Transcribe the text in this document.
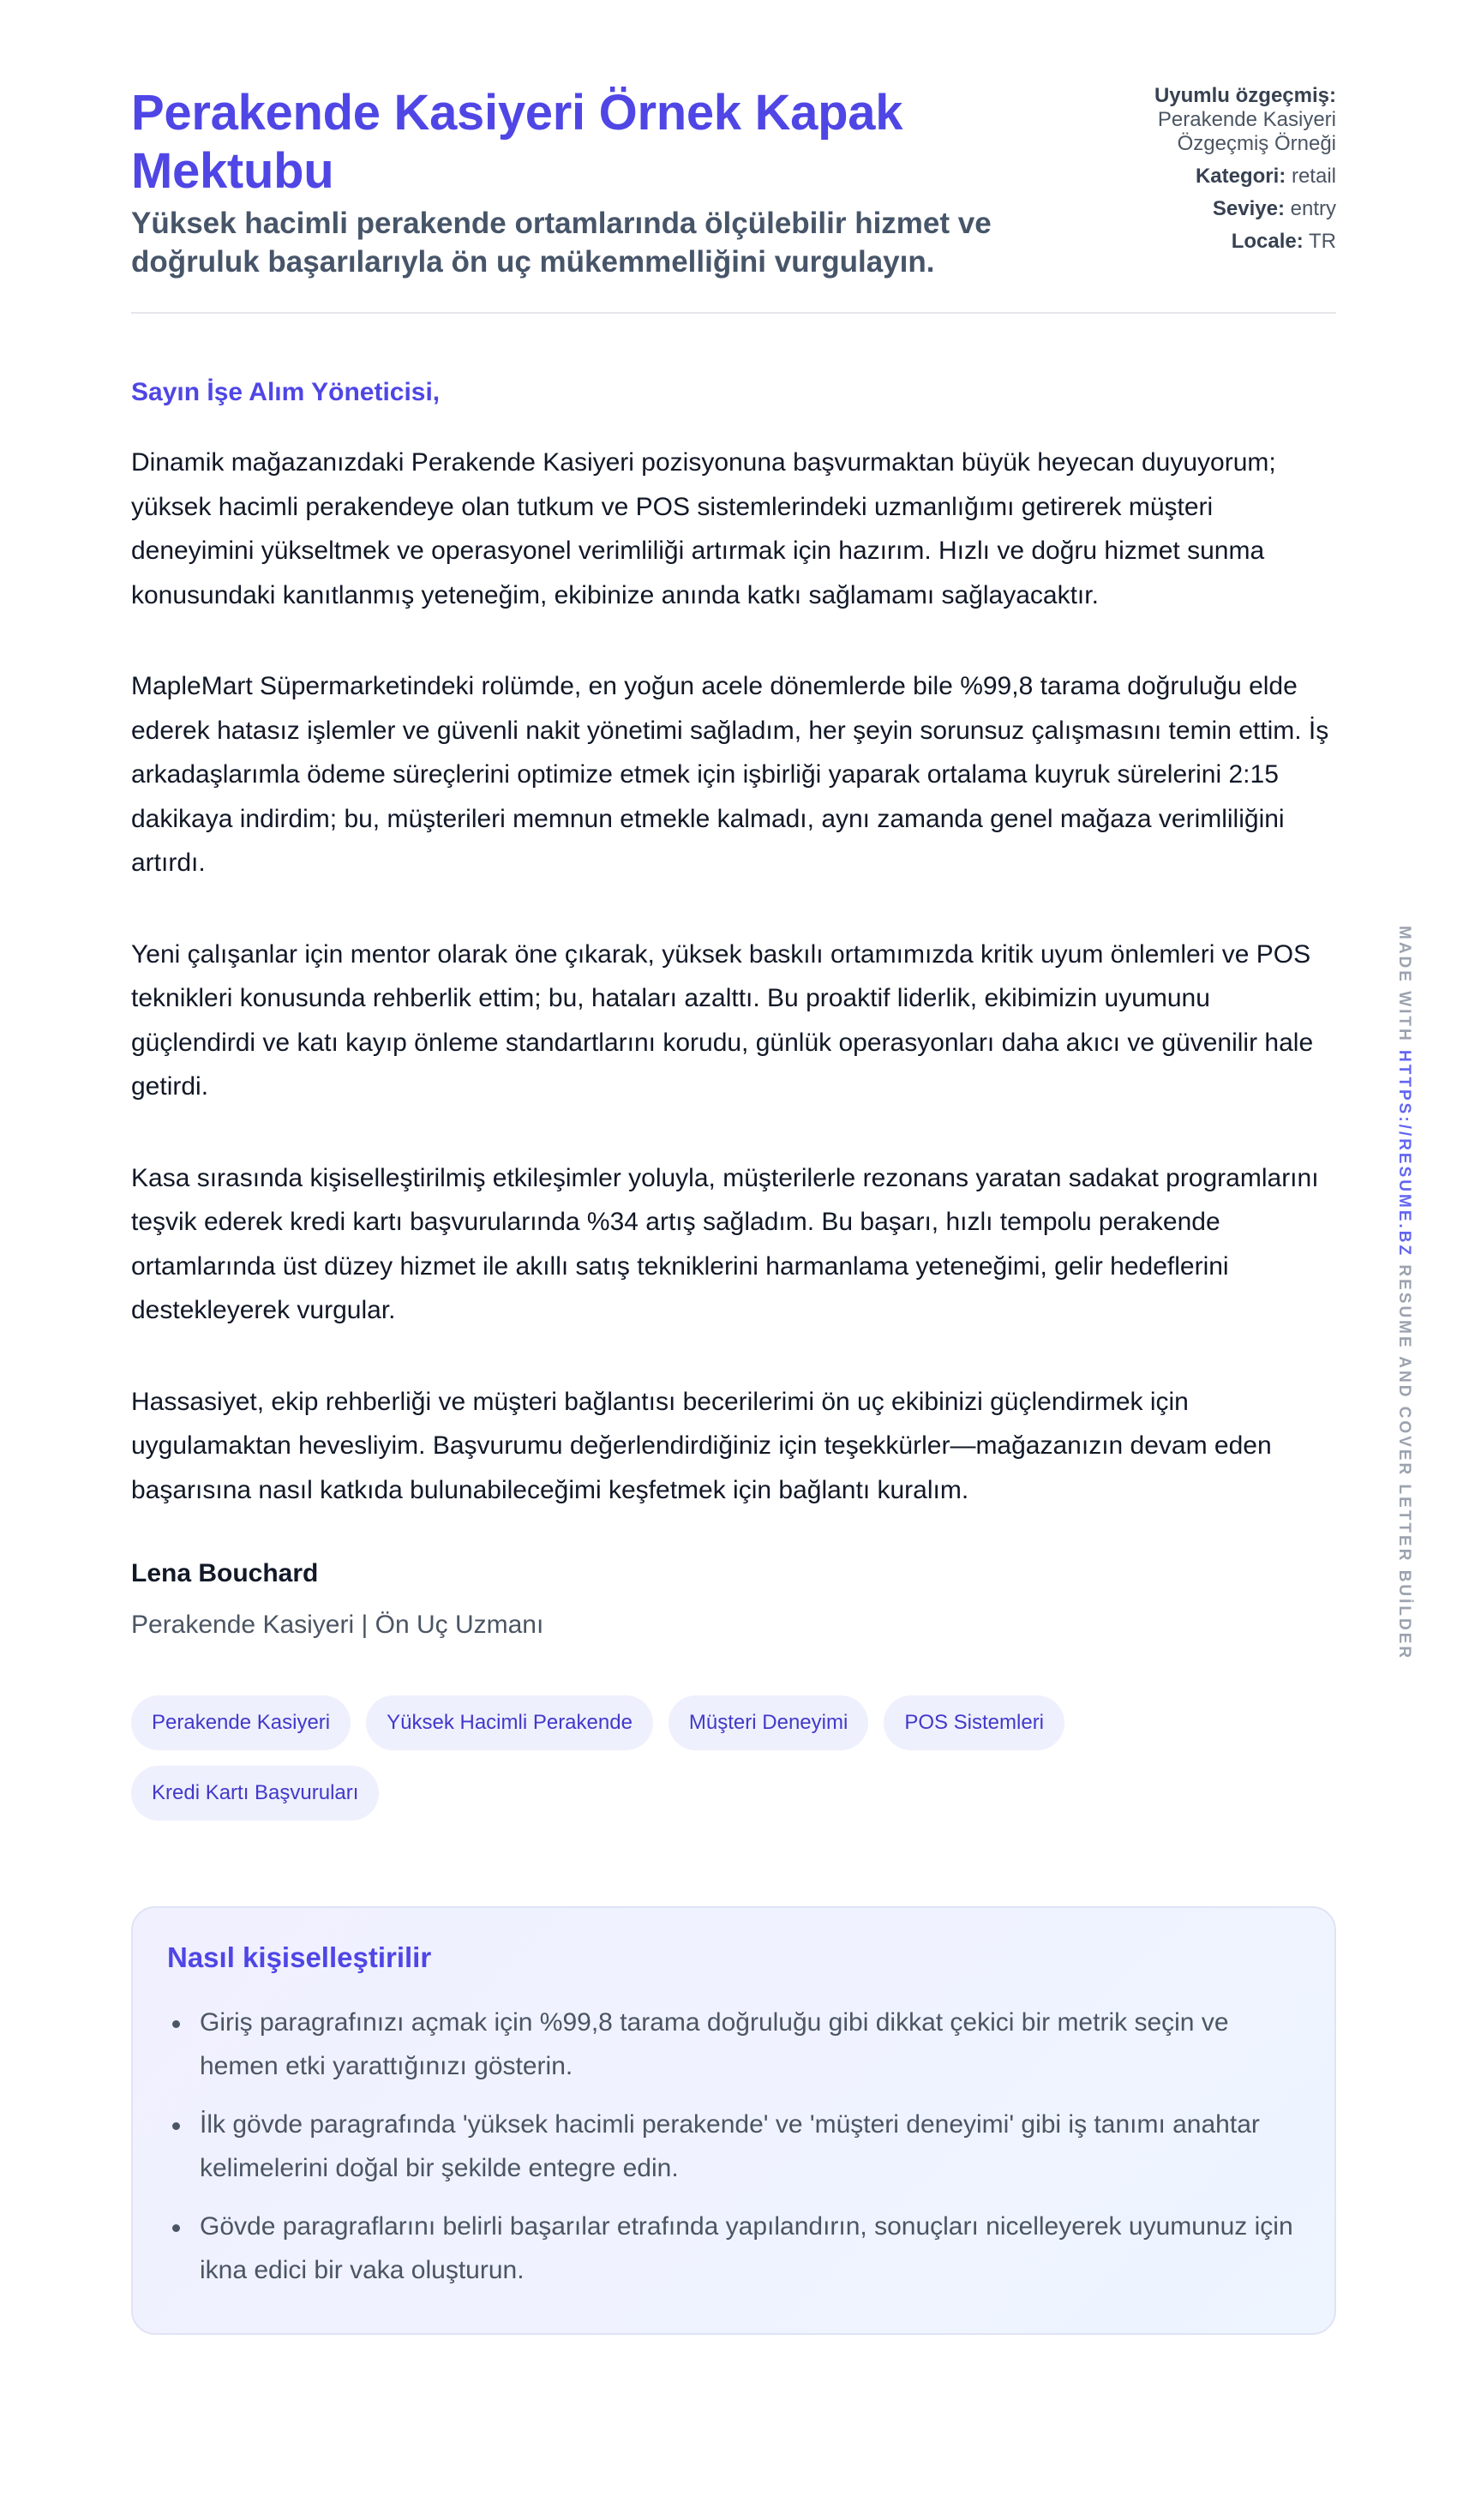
Perakende Kasiyeri Örnek Kapak Mektubu
Yüksek hacimli perakende ortamlarında ölçülebilir hizmet ve doğruluk başarılarıyla ön uç mükemmelliğini vurgulayın.
Uyumlu özgeçmiş:
Perakende Kasiyeri Özgeçmiş Örneği
Kategori: retail
Seviye: entry
Locale: TR

Sayın İşe Alım Yöneticisi,

Dinamik mağazanızdaki Perakende Kasiyeri pozisyonuna başvurmaktan büyük heyecan duyuyorum; yüksek hacimli perakendeye olan tutkum ve POS sistemlerindeki uzmanlığımı getirerek müşteri deneyimini yükseltmek ve operasyonel verimliliği artırmak için hazırım. Hızlı ve doğru hizmet sunma konusundaki kanıtlanmış yeteneğim, ekibinize anında katkı sağlamamı sağlayacaktır.

MapleMart Süpermarketindeki rolümde, en yoğun acele dönemlerde bile %99,8 tarama doğruluğu elde ederek hatasız işlemler ve güvenli nakit yönetimi sağladım, her şeyin sorunsuz çalışmasını temin ettim. İş arkadaşlarımla ödeme süreçlerini optimize etmek için işbirliği yaparak ortalama kuyruk sürelerini 2:15 dakikaya indirdim; bu, müşterileri memnun etmekle kalmadı, aynı zamanda genel mağaza verimliliğini artırdı.

Yeni çalışanlar için mentor olarak öne çıkarak, yüksek baskılı ortamımızda kritik uyum önlemleri ve POS teknikleri konusunda rehberlik ettim; bu, hataları azalttı. Bu proaktif liderlik, ekibimizin uyumunu güçlendirdi ve katı kayıp önleme standartlarını korudu, günlük operasyonları daha akıcı ve güvenilir hale getirdi.

Kasa sırasında kişiselleştirilmiş etkileşimler yoluyla, müşterilerle rezonans yaratan sadakat programlarını teşvik ederek kredi kartı başvurularında %34 artış sağladım. Bu başarı, hızlı tempolu perakende ortamlarında üst düzey hizmet ile akıllı satış tekniklerini harmanlama yeteneğimi, gelir hedeflerini destekleyerek vurgular.

Hassasiyet, ekip rehberliği ve müşteri bağlantısı becerilerimi ön uç ekibinizi güçlendirmek için uygulamaktan hevesliyim. Başvurumu değerlendirdiğiniz için teşekkürler—mağazanızın devam eden başarısına nasıl katkıda bulunabileceğimi keşfetmek için bağlantı kuralım.

Lena Bouchard

Perakende Kasiyeri | Ön Uç Uzmanı

Perakende Kasiyeri	Yüksek Hacimli Perakende	Müşteri Deneyimi	POS Sistemleri
Kredi Kartı Başvuruları
Nasıl kişiselleştirilir
Giriş paragrafınızı açmak için %99,8 tarama doğruluğu gibi dikkat çekici bir metrik seçin ve hemen etki yarattığınızı gösterin.
İlk gövde paragrafında 'yüksek hacimli perakende' ve 'müşteri deneyimi' gibi iş tanımı anahtar kelimelerini doğal bir şekilde entegre edin.
Gövde paragraflarını belirli başarılar etrafında yapılandırın, sonuçları nicelleyerek uyumunuz için ikna edici bir vaka oluşturun.
MADE WITH HTTPS://RESUME.BZ RESUME AND COVER LETTER BUİLDER
